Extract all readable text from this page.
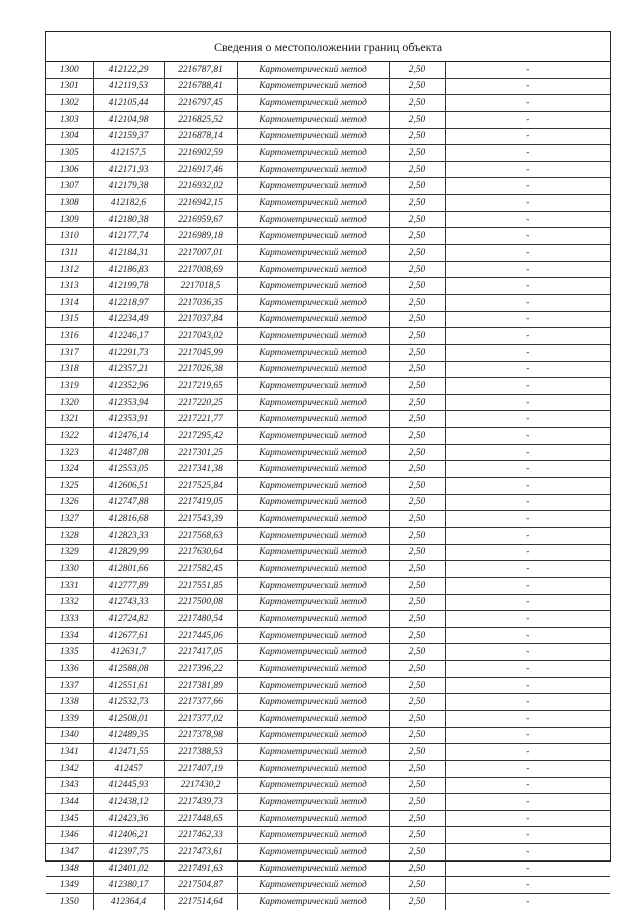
Сведения о местоположении границ объекта
1300	412122,29	2216787,81	Картометрический метод	2,50	-
1301	412119,53	2216788,41	Картометрический метод	2,50	-
1302	412105,44	2216797,45	Картометрический метод	2,50	-
1303	412104,98	2216825,52	Картометрический метод	2,50	-
1304	412159,37	2216878,14	Картометрический метод	2,50	-
1305	412157,5	2216902,59	Картометрический метод	2,50	-
1306	412171,93	2216917,46	Картометрический метод	2,50	-
1307	412179,38	2216932,02	Картометрический метод	2,50	-
1308	412182,6	2216942,15	Картометрический метод	2,50	-
1309	412180,38	2216959,67	Картометрический метод	2,50	-
1310	412177,74	2216989,18	Картометрический метод	2,50	-
1311	412184,31	2217007,01	Картометрический метод	2,50	-
1312	412186,83	2217008,69	Картометрический метод	2,50	-
1313	412199,78	2217018,5	Картометрический метод	2,50	-
1314	412218,97	2217036,35	Картометрический метод	2,50	-
1315	412234,49	2217037,84	Картометрический метод	2,50	-
1316	412246,17	2217043,02	Картометрический метод	2,50	-
1317	412291,73	2217045,99	Картометрический метод	2,50	-
1318	412357,21	2217026,38	Картометрический метод	2,50	-
1319	412352,96	2217219,65	Картометрический метод	2,50	-
1320	412353,94	2217220,25	Картометрический метод	2,50	-
1321	412353,91	2217221,77	Картометрический метод	2,50	-
1322	412476,14	2217295,42	Картометрический метод	2,50	-
1323	412487,08	2217301,25	Картометрический метод	2,50	-
1324	412553,05	2217341,38	Картометрический метод	2,50	-
1325	412606,51	2217525,84	Картометрический метод	2,50	-
1326	412747,88	2217419,05	Картометрический метод	2,50	-
1327	412816,68	2217543,39	Картометрический метод	2,50	-
1328	412823,33	2217568,63	Картометрический метод	2,50	-
1329	412829,99	2217630,64	Картометрический метод	2,50	-
1330	412801,66	2217582,45	Картометрический метод	2,50	-
1331	412777,89	2217551,85	Картометрический метод	2,50	-
1332	412743,33	2217500,08	Картометрический метод	2,50	-
1333	412724,82	2217480,54	Картометрический метод	2,50	-
1334	412677,61	2217445,06	Картометрический метод	2,50	-
1335	412631,7	2217417,05	Картометрический метод	2,50	-
1336	412588,08	2217396,22	Картометрический метод	2,50	-
1337	412551,61	2217381,89	Картометрический метод	2,50	-
1338	412532,73	2217377,66	Картометрический метод	2,50	-
1339	412508,01	2217377,02	Картометрический метод	2,50	-
1340	412489,35	2217378,98	Картометрический метод	2,50	-
1341	412471,55	2217388,53	Картометрический метод	2,50	-
1342	412457	2217407,19	Картометрический метод	2,50	-
1343	412445,93	2217430,2	Картометрический метод	2,50	-
1344	412438,12	2217439,73	Картометрический метод	2,50	-
1345	412423,36	2217448,65	Картометрический метод	2,50	-
1346	412406,21	2217462,33	Картометрический метод	2,50	-
1347	412397,75	2217473,61	Картометрический метод	2,50	-
1348	412401,02	2217491,63	Картометрический метод	2,50	-
1349	412380,17	2217504,87	Картометрический метод	2,50	-
1350	412364,4	2217514,64	Картометрический метод	2,50	-
